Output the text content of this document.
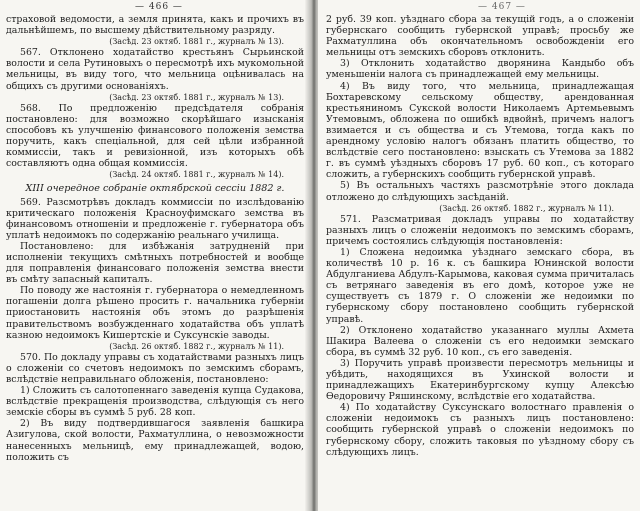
— 466 —

страховой ведомости, а земля принята, какъ и прочихъ въ дальнѣйшемъ, по высшему дѣйствительному разряду.
(Засѣд. 23 октяб. 1881 г., журналъ № 13).

567. Отклонено ходатайство крестьянъ Сырьинской волости и села Рутиновыхъ о пересмотрѣ ихъ мукомольной мельницы, въ виду того, что мельница оцѣнивалась на общихъ съ другими основаніяхъ.
(Засѣд. 23 октяб. 1881 г., журналъ № 13).

568. По предложенію предсѣдателя собранія постановлено: для возможно скорѣйшаго изысканія способовъ къ улучшенію финансового положенія земства поручить, какъ спеціальной, для сей цѣли избранной коммиссіи, такъ и ревизіонной, изъ которыхъ обѣ составляютъ одна общая коммиссія.
(Засѣд. 24 октяб. 1881 г., журналъ № 14).

XIII очередное собраніе октябрской сессіи 1882 г.

569. Разсмотрѣвъ докладъ коммиссіи по изслѣдованію критическаго положенія Красноуфимскаго земства въ финансовомъ отношеніи и предложеніе г. губернатора объ уплатѣ недоимокъ по содержанію реальнаго училища.

Постановлено: для избѣжанія затрудненій при исполненіи текущихъ смѣтныхъ потребностей и вообще для поправленія финансоваго положенія земства внести въ смѣту запасный капиталъ.

По поводу же настоянія г. губернатора о немедленномъ погашеніи долга рѣшено просить г. начальника губерніи приостановить настоянія объ этомъ до разрѣшенія правительствомъ возбужденнаго ходатайства объ уплатѣ казною недоимокъ Кишертскіе и Суксунскіе заводы.
(Засѣд. 26 октяб. 1882 г., журналъ № 11).

570. По докладу управы съ ходатайствами разныхъ лицъ о сложеніи со счетовъ недоимокъ по земскимъ сборамъ, вслѣдствіе неправильнаго обложенія, постановлено:

1) Сложить съ салотопеннаго заведенія купца Судакова, вслѣдствіе прекращенія производства, слѣдующія съ него земскіе сборы въ суммѣ 5 руб. 28 коп.

2) Въ виду подтвердившагося заявленія башкира Азигулова, ской волости, Рахматуллина, о невозможности нанесенныхъ мельницѣ, ему принадлежащей, водою, положить съ

— 467 —

2 руб. 39 коп. уѣзднаго сбора за текущій годъ, а о сложеніи губернскаго сообщить губернской управѣ; просьбу же Рахматуллина объ окончательномъ освобожденіи его мельницы отъ земскихъ сборовъ отклонить.

3) Отклонить ходатайство дворянина Кандыбо объ уменьшеніи налога съ принадлежащей ему мельницы.

4) Въ виду того, что мельница, принадлежащая Бохтаревскому сельскому обществу, арендованная крестьяниномъ Сукской волости Николаемъ Артемьевымъ Утемовымъ, обложена по ошибкѣ вдвойнѣ, причемъ налогъ взимается и съ общества и съ Утемова, тогда какъ по арендному условію налогъ обязанъ платить общество, то вслѣдствіе сего постановлено: взыскать съ Утемова за 1882 г. въ суммѣ уѣздныхъ сборовъ 17 руб. 60 коп., съ котораго сложить, а губернскихъ сообщить губернской управѣ.

5) Въ остальныхъ частяхъ разсмотрѣніе этого доклада отложено до слѣдующихъ засѣданій.
(Засѣд. 26 октяб. 1882 г., журналъ № 11).

571. Разсматривая докладъ управы по ходатайству разныхъ лицъ о сложеніи недоимокъ по земскимъ сборамъ, причемъ состоялись слѣдующія постановленія:

1) Сложена недоимка уѣзднаго земскаго сбора, въ количествѣ 10 р. 16 к. съ башкира Юнинской волости Абдулганиева Абдулъ-Карымова, каковая сумма причиталась съ ветрянаго заведенія въ его домѣ, которое уже не существуетъ съ 1879 г. О сложеніи же недоимки по губернскому сбору постановлено сообщить губернской управѣ.

2) Отклонено ходатайство указаннаго муллы Ахмета Шакира Валеева о сложеніи съ его недоимки земскаго сбора, въ суммѣ 32 руб. 10 коп., съ его заведенія.

3) Поручить управѣ произвести пересмотръ мельницы и убѣдить, находящихся въ Ухинской волости и принадлежащихъ Екатеринбургскому купцу Алексѣю Ѳедоровичу Ряшинскому, вслѣдствіе его ходатайства.

4) По ходатайству Суксунскаго волостнаго правленія о сложеніи недоимокъ съ разныхъ лицъ постановлено: сообщить губернской управѣ о сложеніи недоимокъ по губернскому сбору, сложить таковыя по уѣздному сбору съ слѣдующихъ лицъ.
